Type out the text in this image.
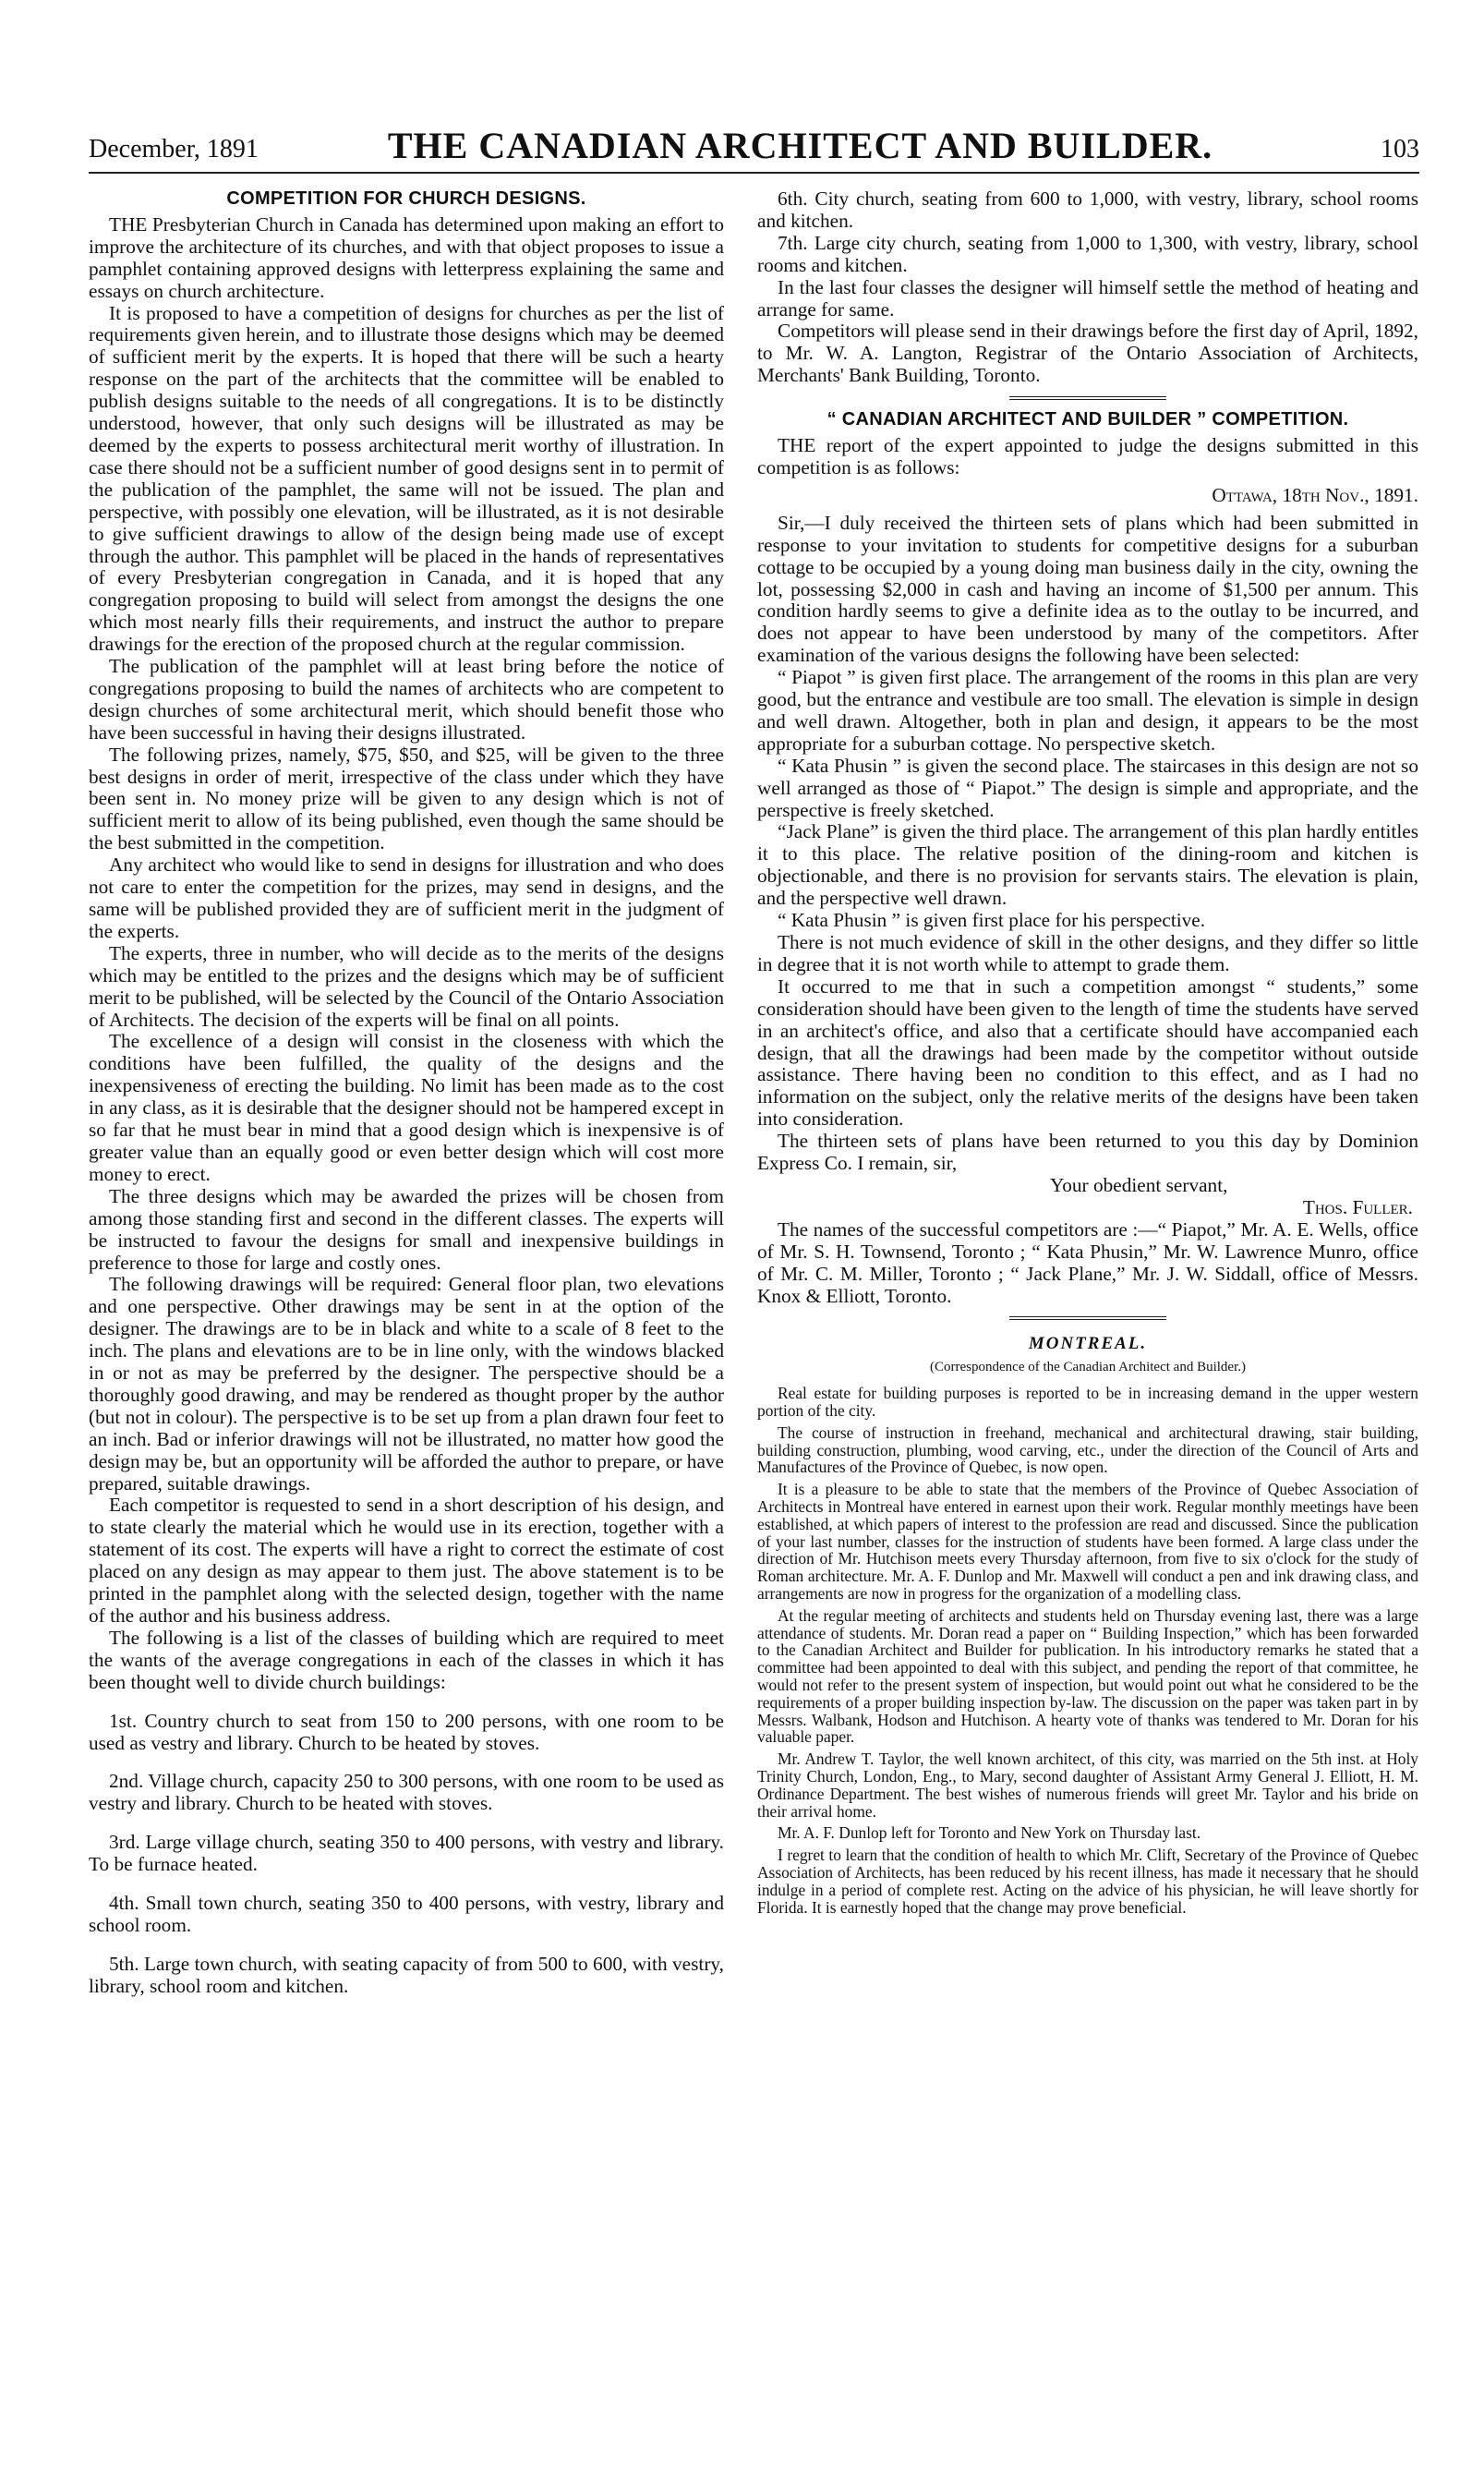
December, 1891	THE CANADIAN ARCHITECT AND BUILDER.	103
COMPETITION FOR CHURCH DESIGNS.

THE Presbyterian Church in Canada has determined upon making an effort to improve the architecture of its churches, and with that object proposes to issue a pamphlet containing approved designs with letterpress explaining the same and essays on church architecture.

It is proposed to have a competition of designs for churches as per the list of requirements given herein, and to illustrate those designs which may be deemed of sufficient merit by the experts. It is hoped that there will be such a hearty response on the part of the architects that the committee will be enabled to publish designs suitable to the needs of all congregations. It is to be distinctly understood, however, that only such designs will be illustrated as may be deemed by the experts to possess architectural merit worthy of illustration. In case there should not be a sufficient number of good designs sent in to permit of the publication of the pamphlet, the same will not be issued. The plan and perspective, with possibly one elevation, will be illustrated, as it is not desirable to give sufficient drawings to allow of the design being made use of except through the author. This pamphlet will be placed in the hands of representatives of every Presbyterian congregation in Canada, and it is hoped that any congregation proposing to build will select from amongst the designs the one which most nearly fills their requirements, and instruct the author to prepare drawings for the erection of the proposed church at the regular commission.

The publication of the pamphlet will at least bring before the notice of congregations proposing to build the names of architects who are competent to design churches of some architectural merit, which should benefit those who have been successful in having their designs illustrated.

The following prizes, namely, $75, $50, and $25, will be given to the three best designs in order of merit, irrespective of the class under which they have been sent in. No money prize will be given to any design which is not of sufficient merit to allow of its being published, even though the same should be the best submitted in the competition.

Any architect who would like to send in designs for illustration and who does not care to enter the competition for the prizes, may send in designs, and the same will be published provided they are of sufficient merit in the judgment of the experts.

The experts, three in number, who will decide as to the merits of the designs which may be entitled to the prizes and the designs which may be of sufficient merit to be published, will be selected by the Council of the Ontario Association of Architects. The decision of the experts will be final on all points.

The excellence of a design will consist in the closeness with which the conditions have been fulfilled, the quality of the designs and the inexpensiveness of erecting the building. No limit has been made as to the cost in any class, as it is desirable that the designer should not be hampered except in so far that he must bear in mind that a good design which is inexpensive is of greater value than an equally good or even better design which will cost more money to erect.

The three designs which may be awarded the prizes will be chosen from among those standing first and second in the different classes. The experts will be instructed to favour the designs for small and inexpensive buildings in preference to those for large and costly ones.

The following drawings will be required: General floor plan, two elevations and one perspective. Other drawings may be sent in at the option of the designer. The drawings are to be in black and white to a scale of 8 feet to the inch. The plans and elevations are to be in line only, with the windows blacked in or not as may be preferred by the designer. The perspective should be a thoroughly good drawing, and may be rendered as thought proper by the author (but not in colour). The perspective is to be set up from a plan drawn four feet to an inch. Bad or inferior drawings will not be illustrated, no matter how good the design may be, but an opportunity will be afforded the author to prepare, or have prepared, suitable drawings.

Each competitor is requested to send in a short description of his design, and to state clearly the material which he would use in its erection, together with a statement of its cost. The experts will have a right to correct the estimate of cost placed on any design as may appear to them just. The above statement is to be printed in the pamphlet along with the selected design, together with the name of the author and his business address.

The following is a list of the classes of building which are required to meet the wants of the average congregations in each of the classes in which it has been thought well to divide church buildings:

1st. Country church to seat from 150 to 200 persons, with one room to be used as vestry and library. Church to be heated by stoves.

2nd. Village church, capacity 250 to 300 persons, with one room to be used as vestry and library. Church to be heated with stoves.

3rd. Large village church, seating 350 to 400 persons, with vestry and library. To be furnace heated.

4th. Small town church, seating 350 to 400 persons, with vestry, library and school room.

5th. Large town church, with seating capacity of from 500 to 600, with vestry, library, school room and kitchen.

6th. City church, seating from 600 to 1,000, with vestry, library, school rooms and kitchen.

7th. Large city church, seating from 1,000 to 1,300, with vestry, library, school rooms and kitchen.

In the last four classes the designer will himself settle the method of heating and arrange for same.

Competitors will please send in their drawings before the first day of April, 1892, to Mr. W. A. Langton, Registrar of the Ontario Association of Architects, Merchants' Bank Building, Toronto.

“ CANADIAN ARCHITECT AND BUILDER ” COMPETITION.

THE report of the expert appointed to judge the designs submitted in this competition is as follows:

Ottawa, 18th Nov., 1891.

Sir,—I duly received the thirteen sets of plans which had been submitted in response to your invitation to students for competitive designs for a suburban cottage to be occupied by a young doing man business daily in the city, owning the lot, possessing $2,000 in cash and having an income of $1,500 per annum. This condition hardly seems to give a definite idea as to the outlay to be incurred, and does not appear to have been understood by many of the competitors. After examination of the various designs the following have been selected:

“ Piapot ” is given first place. The arrangement of the rooms in this plan are very good, but the entrance and vestibule are too small. The elevation is simple in design and well drawn. Altogether, both in plan and design, it appears to be the most appropriate for a suburban cottage. No perspective sketch.

“ Kata Phusin ” is given the second place. The staircases in this design are not so well arranged as those of “ Piapot.” The design is simple and appropriate, and the perspective is freely sketched.

“Jack Plane” is given the third place. The arrangement of this plan hardly entitles it to this place. The relative position of the dining-room and kitchen is objectionable, and there is no provision for servants stairs. The elevation is plain, and the perspective well drawn.

“ Kata Phusin ” is given first place for his perspective.

There is not much evidence of skill in the other designs, and they differ so little in degree that it is not worth while to attempt to grade them.

It occurred to me that in such a competition amongst “ students,” some consideration should have been given to the length of time the students have served in an architect's office, and also that a certificate should have accompanied each design, that all the drawings had been made by the competitor without outside assistance. There having been no condition to this effect, and as I had no information on the subject, only the relative merits of the designs have been taken into consideration.

The thirteen sets of plans have been returned to you this day by Dominion Express Co. I remain, sir,

Your obedient servant,

Thos. Fuller.

The names of the successful competitors are :—“ Piapot,” Mr. A. E. Wells, office of Mr. S. H. Townsend, Toronto ; “ Kata Phusin,” Mr. W. Lawrence Munro, office of Mr. C. M. Miller, Toronto ; “ Jack Plane,” Mr. J. W. Siddall, office of Messrs. Knox & Elliott, Toronto.

MONTREAL.
(Correspondence of the Canadian Architect and Builder.)

Real estate for building purposes is reported to be in increasing demand in the upper western portion of the city.

The course of instruction in freehand, mechanical and architectural drawing, stair building, building construction, plumbing, wood carving, etc., under the direction of the Council of Arts and Manufactures of the Province of Quebec, is now open.

It is a pleasure to be able to state that the members of the Province of Quebec Association of Architects in Montreal have entered in earnest upon their work. Regular monthly meetings have been established, at which papers of interest to the profession are read and discussed. Since the publication of your last number, classes for the instruction of students have been formed. A large class under the direction of Mr. Hutchison meets every Thursday afternoon, from five to six o'clock for the study of Roman architecture. Mr. A. F. Dunlop and Mr. Maxwell will conduct a pen and ink drawing class, and arrangements are now in progress for the organization of a modelling class.

At the regular meeting of architects and students held on Thursday evening last, there was a large attendance of students. Mr. Doran read a paper on “ Building Inspection,” which has been forwarded to the Canadian Architect and Builder for publication. In his introductory remarks he stated that a committee had been appointed to deal with this subject, and pending the report of that committee, he would not refer to the present system of inspection, but would point out what he considered to be the requirements of a proper building inspection by-law. The discussion on the paper was taken part in by Messrs. Walbank, Hodson and Hutchison. A hearty vote of thanks was tendered to Mr. Doran for his valuable paper.

Mr. Andrew T. Taylor, the well known architect, of this city, was married on the 5th inst. at Holy Trinity Church, London, Eng., to Mary, second daughter of Assistant Army General J. Elliott, H. M. Ordinance Department. The best wishes of numerous friends will greet Mr. Taylor and his bride on their arrival home.

Mr. A. F. Dunlop left for Toronto and New York on Thursday last.

I regret to learn that the condition of health to which Mr. Clift, Secretary of the Province of Quebec Association of Architects, has been reduced by his recent illness, has made it necessary that he should indulge in a period of complete rest. Acting on the advice of his physician, he will leave shortly for Florida. It is earnestly hoped that the change may prove beneficial.
